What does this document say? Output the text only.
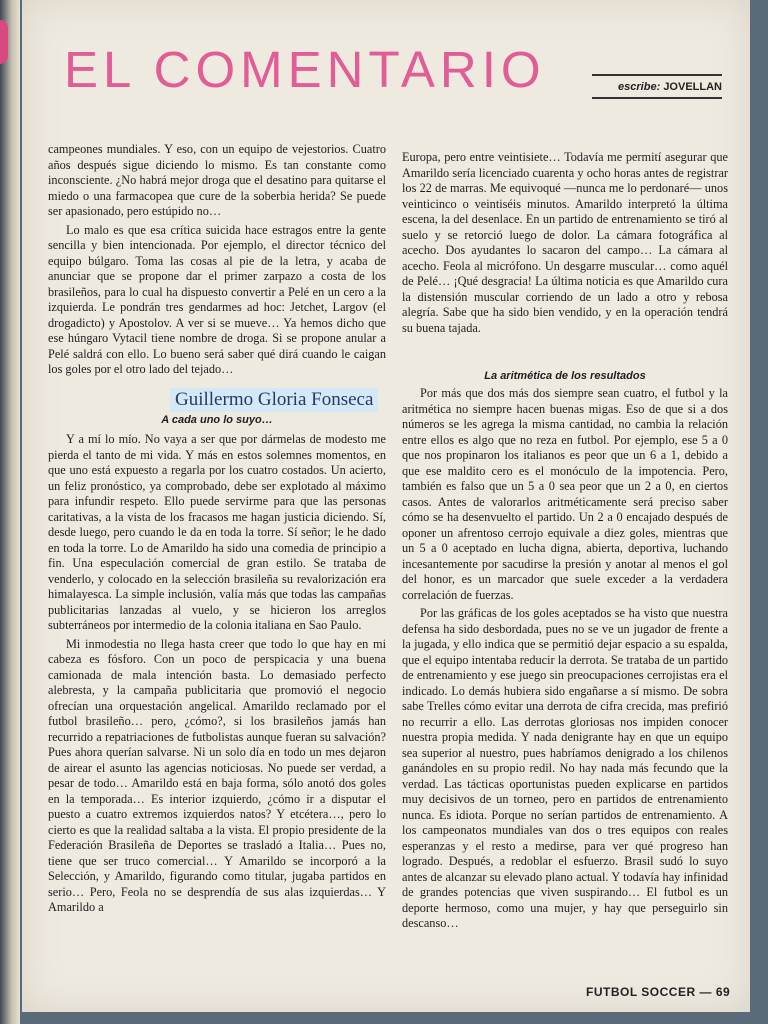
EL COMENTARIO	escribe: JOVELLAN

campeones mundiales. Y eso, con un equipo de vejestorios. Cuatro años después sigue diciendo lo mismo. Es tan constante como inconsciente. ¿No habrá mejor droga que el desatino para quitarse el miedo o una farmacopea que cure de la soberbia herida? Se puede ser apasionado, pero estúpido no…

Lo malo es que esa crítica suicida hace estragos entre la gente sencilla y bien intencionada. Por ejemplo, el director técnico del equipo búlgaro. Toma las cosas al pie de la letra, y acaba de anunciar que se propone dar el primer zarpazo a costa de los brasileños, para lo cual ha dispuesto convertir a Pelé en un cero a la izquierda. Le pondrán tres gendarmes ad hoc: Jetchet, Largov (el drogadicto) y Apostolov. A ver si se mueve… Ya hemos dicho que ese húngaro Vytacil tiene nombre de droga. Si se propone anular a Pelé saldrá con ello. Lo bueno será saber qué dirá cuando le caigan los goles por el otro lado del tejado…

A cada uno lo suyo…

Y a mí lo mío. No vaya a ser que por dármelas de modesto me pierda el tanto de mi vida. Y más en estos solemnes momentos, en que uno está expuesto a regarla por los cuatro costados. Un acierto, un feliz pronóstico, ya comprobado, debe ser explotado al máximo para infundir respeto. Ello puede servirme para que las personas caritativas, a la vista de los fracasos me hagan justicia diciendo. Sí, desde luego, pero cuando le da en toda la torre. Sí señor; le he dado en toda la torre. Lo de Amarildo ha sido una comedia de principio a fin. Una especulación comercial de gran estilo. Se trataba de venderlo, y colocado en la selección brasileña su revalorización era himalayesca. La simple inclusión, valía más que todas las campañas publicitarias lanzadas al vuelo, y se hicieron los arreglos subterráneos por intermedio de la colonia italiana en Sao Paulo.

Mi inmodestia no llega hasta creer que todo lo que hay en mi cabeza es fósforo. Con un poco de perspicacia y una buena camionada de mala intención basta. Lo demasiado perfecto alebresta, y la campaña publicitaria que promovió el negocio ofrecían una orquestación angelical. Amarildo reclamado por el futbol brasileño… pero, ¿cómo?, si los brasileños jamás han recurrido a repatriaciones de futbolistas aunque fueran su salvación? Pues ahora querían salvarse. Ni un solo día en todo un mes dejaron de airear el asunto las agencias noticiosas. No puede ser verdad, a pesar de todo… Amarildo está en baja forma, sólo anotó dos goles en la temporada… Es interior izquierdo, ¿cómo ir a disputar el puesto a cuatro extremos izquierdos natos? Y etcétera…, pero lo cierto es que la realidad saltaba a la vista. El propio presidente de la Federación Brasileña de Deportes se trasladó a Italia… Pues no, tiene que ser truco comercial… Y Amarildo se incorporó a la Selección, y Amarildo, figurando como titular, jugaba partidos en serio… Pero, Feola no se desprendía de sus alas izquierdas… Y Amarildo a

Europa, pero entre veintisiete… Todavía me permití asegurar que Amarildo sería licenciado cuarenta y ocho horas antes de registrar los 22 de marras. Me equivoqué —nunca me lo perdonaré— unos veinticinco o veintiséis minutos. Amarildo interpretó la última escena, la del desenlace. En un partido de entrenamiento se tiró al suelo y se retorció luego de dolor. La cámara fotográfica al acecho. Dos ayudantes lo sacaron del campo… La cámara al acecho. Feola al micrófono. Un desgarre muscular… como aquél de Pelé… ¡Qué desgracia! La última noticia es que Amarildo cura la distensión muscular corriendo de un lado a otro y rebosa alegría. Sabe que ha sido bien vendido, y en la operación tendrá su buena tajada.

La aritmética de los resultados

Por más que dos más dos siempre sean cuatro, el futbol y la aritmética no siempre hacen buenas migas. Eso de que si a dos números se les agrega la misma cantidad, no cambia la relación entre ellos es algo que no reza en futbol. Por ejemplo, ese 5 a 0 que nos propinaron los italianos es peor que un 6 a 1, debido a que ese maldito cero es el monóculo de la impotencia. Pero, también es falso que un 5 a 0 sea peor que un 2 a 0, en ciertos casos. Antes de valorarlos aritméticamente será preciso saber cómo se ha desenvuelto el partido. Un 2 a 0 encajado después de oponer un afrentoso cerrojo equivale a diez goles, mientras que un 5 a 0 aceptado en lucha digna, abierta, deportiva, luchando incesantemente por sacudirse la presión y anotar al menos el gol del honor, es un marcador que suele exceder a la verdadera correlación de fuerzas.

Por las gráficas de los goles aceptados se ha visto que nuestra defensa ha sido desbordada, pues no se ve un jugador de frente a la jugada, y ello indica que se permitió dejar espacio a su espalda, que el equipo intentaba reducir la derrota. Se trataba de un partido de entrenamiento y ese juego sin preocupaciones cerrojistas era el indicado. Lo demás hubiera sido engañarse a sí mismo. De sobra sabe Trelles cómo evitar una derrota de cifra crecida, mas prefirió no recurrir a ello. Las derrotas gloriosas nos impiden conocer nuestra propia medida. Y nada denigrante hay en que un equipo sea superior al nuestro, pues habríamos denigrado a los chilenos ganándoles en su propio redil. No hay nada más fecundo que la verdad. Las tácticas oportunistas pueden explicarse en partidos muy decisivos de un torneo, pero en partidos de entrenamiento nunca. Es idiota. Porque no serían partidos de entrenamiento. A los campeonatos mundiales van dos o tres equipos con reales esperanzas y el resto a medirse, para ver qué progreso han logrado. Después, a redoblar el esfuerzo. Brasil sudó lo suyo antes de alcanzar su elevado plano actual. Y todavía hay infinidad de grandes potencias que viven suspirando… El futbol es un deporte hermoso, como una mujer, y hay que perseguirlo sin descanso…

Guillermo Gloria Fonseca
FUTBOL SOCCER — 69
